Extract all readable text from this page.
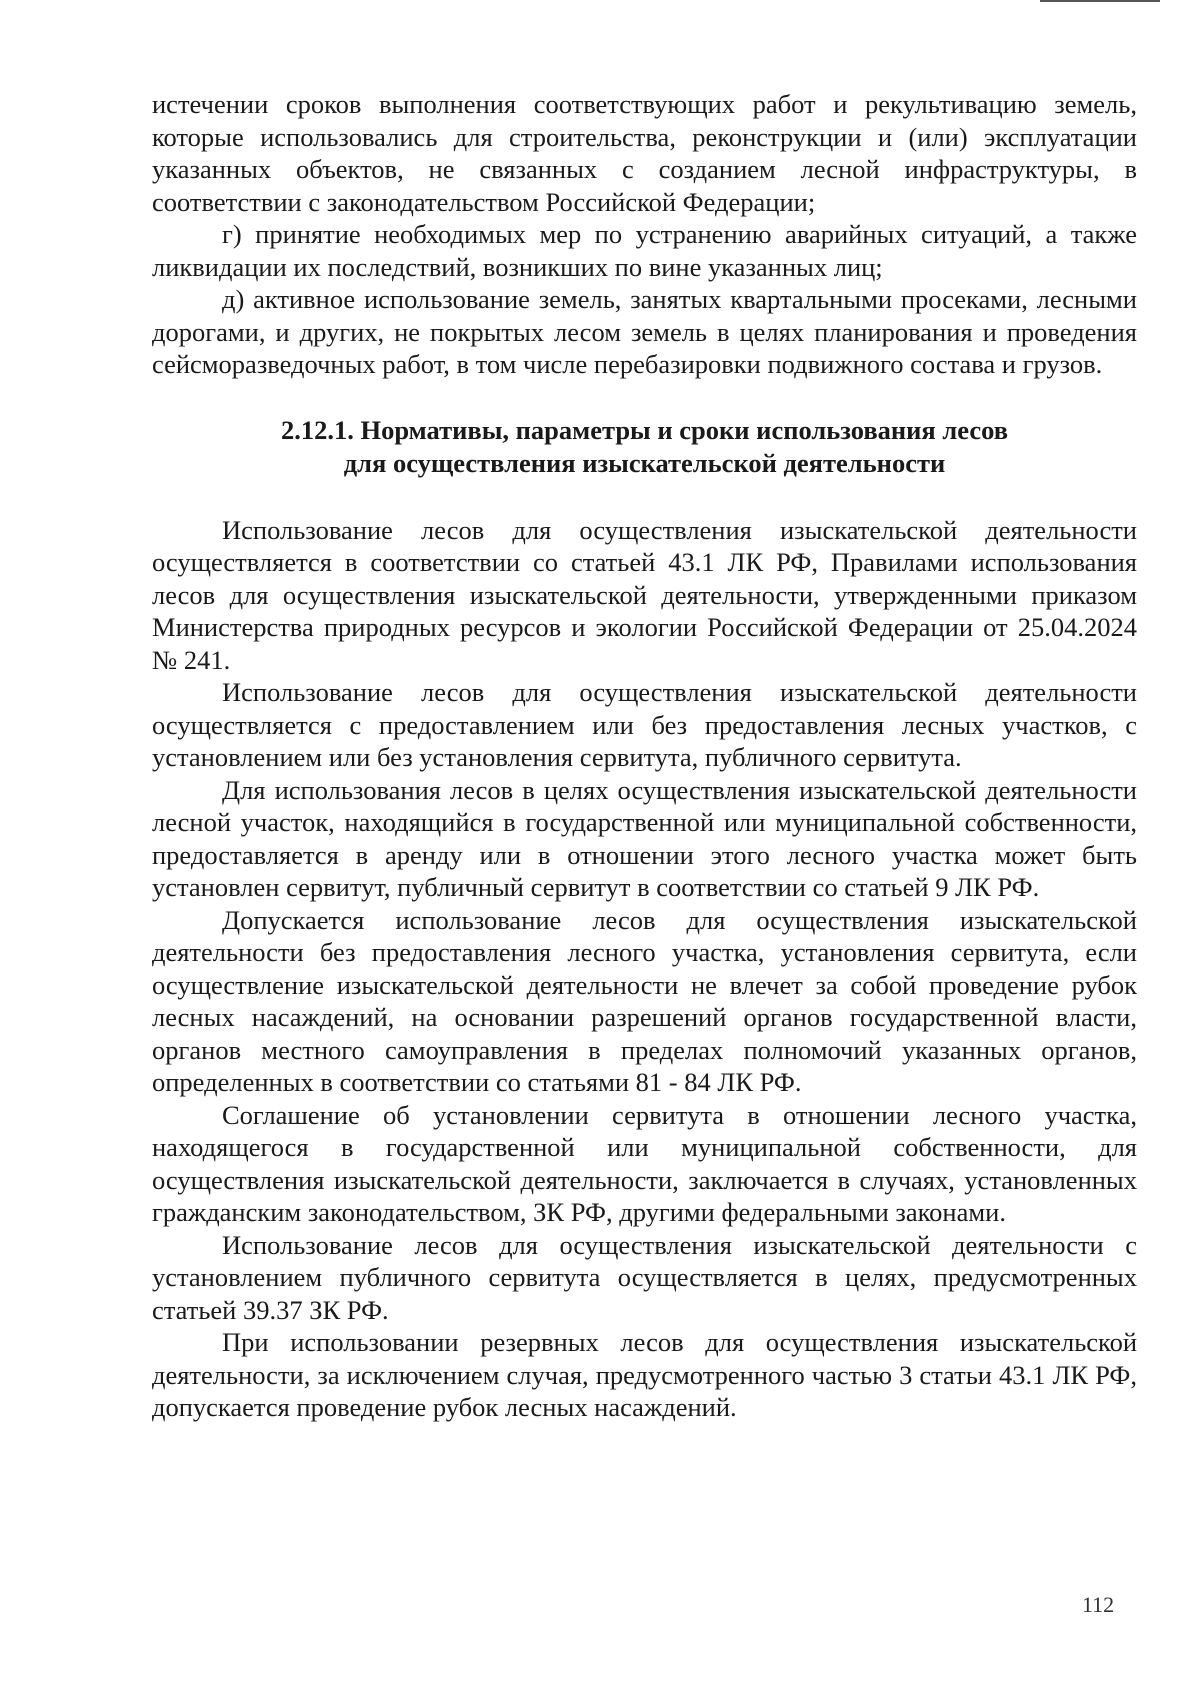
истечении сроков выполнения соответствующих работ и рекультивацию земель, которые использовались для строительства, реконструкции и (или) эксплуатации указанных объектов, не связанных с созданием лесной инфраструктуры, в соответствии с законодательством Российской Федерации;

г) принятие необходимых мер по устранению аварийных ситуаций, а также ликвидации их последствий, возникших по вине указанных лиц;

д) активное использование земель, занятых квартальными просеками, лесными дорогами, и других, не покрытых лесом земель в целях планирования и проведения сейсморазведочных работ, в том числе перебазировки подвижного состава и грузов.

2.12.1. Нормативы, параметры и сроки использования лесов
для осуществления изыскательской деятельности

Использование лесов для осуществления изыскательской деятельности осуществляется в соответствии со статьей 43.1 ЛК РФ, Правилами использования лесов для осуществления изыскательской деятельности, утвержденными приказом Министерства природных ресурсов и экологии Российской Федерации от 25.04.2024 № 241.

Использование лесов для осуществления изыскательской деятельности осуществляется с предоставлением или без предоставления лесных участков, с установлением или без установления сервитута, публичного сервитута.

Для использования лесов в целях осуществления изыскательской деятельности лесной участок, находящийся в государственной или муниципальной собственности, предоставляется в аренду или в отношении этого лесного участка может быть установлен сервитут, публичный сервитут в соответствии со статьей 9 ЛК РФ.

Допускается использование лесов для осуществления изыскательской деятельности без предоставления лесного участка, установления сервитута, если осуществление изыскательской деятельности не влечет за собой проведение рубок лесных насаждений, на основании разрешений органов государственной власти, органов местного самоуправления в пределах полномочий указанных органов, определенных в соответствии со статьями 81 - 84 ЛК РФ.

Соглашение об установлении сервитута в отношении лесного участка, находящегося в государственной или муниципальной собственности, для осуществления изыскательской деятельности, заключается в случаях, установленных гражданским законодательством, ЗК РФ, другими федеральными законами.

Использование лесов для осуществления изыскательской деятельности с установлением публичного сервитута осуществляется в целях, предусмотренных статьей 39.37 ЗК РФ.

При использовании резервных лесов для осуществления изыскательской деятельности, за исключением случая, предусмотренного частью 3 статьи 43.1 ЛК РФ, допускается проведение рубок лесных насаждений.

112
